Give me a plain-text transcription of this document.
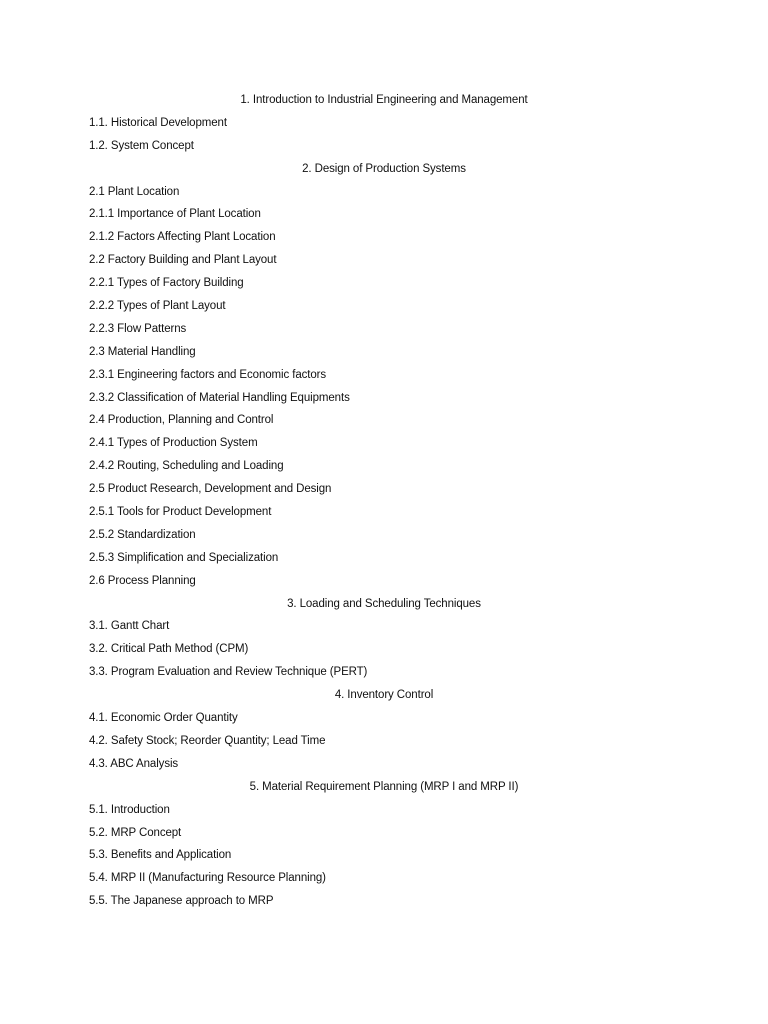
1. Introduction to Industrial Engineering and Management
1.1. Historical Development
1.2. System Concept
2. Design of Production Systems
2.1 Plant Location
2.1.1 Importance of Plant Location
2.1.2 Factors Affecting Plant Location
2.2 Factory Building and Plant Layout
2.2.1 Types of Factory Building
2.2.2 Types of Plant Layout
2.2.3 Flow Patterns
2.3 Material Handling
2.3.1 Engineering factors and Economic factors
2.3.2 Classification of Material Handling Equipments
2.4 Production, Planning and Control
2.4.1 Types of Production System
2.4.2 Routing, Scheduling and Loading
2.5 Product Research, Development and Design
2.5.1 Tools for Product Development
2.5.2 Standardization
2.5.3 Simplification and Specialization
2.6 Process Planning
3. Loading and Scheduling Techniques
3.1. Gantt Chart
3.2. Critical Path Method (CPM)
3.3. Program Evaluation and Review Technique (PERT)
4. Inventory Control
4.1. Economic Order Quantity
4.2. Safety Stock; Reorder Quantity; Lead Time
4.3. ABC Analysis
5. Material Requirement Planning (MRP I and MRP II)
5.1. Introduction
5.2. MRP Concept
5.3. Benefits and Application
5.4. MRP II (Manufacturing Resource Planning)
5.5. The Japanese approach to MRP
